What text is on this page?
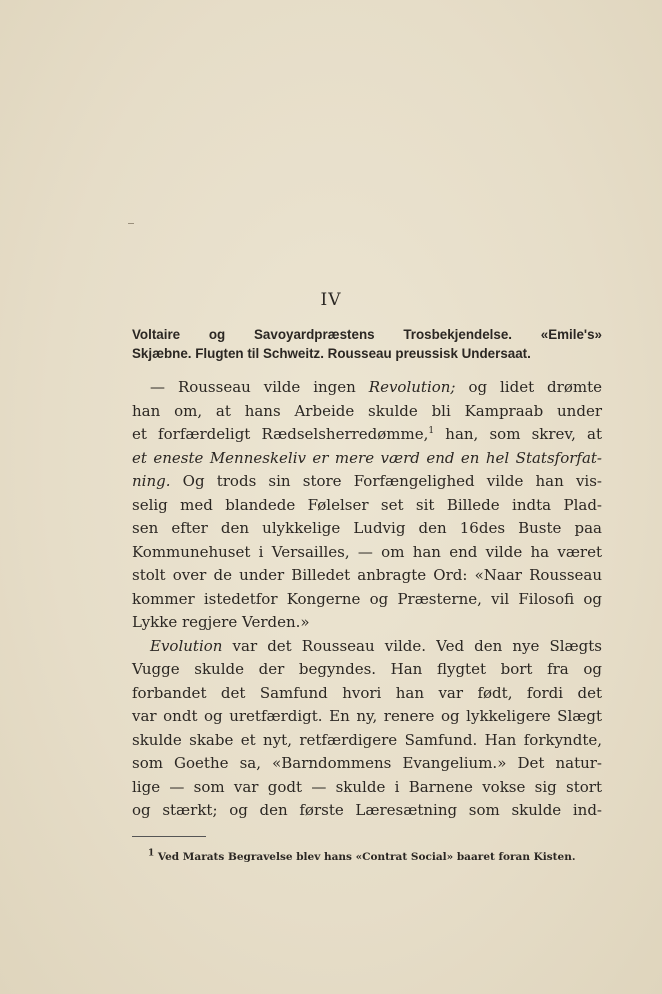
IV
Voltaire og Savoyardpræstens Trosbekjendelse. «Emile's»
Skjæbne. Flugten til Schweitz. Rousseau preussisk Undersaat.
— Rousseau vilde ingen Revolution; og lidet drømte
han om, at hans Arbeide skulde bli Kampraab under
et forfærdeligt Rædselsherredømme,$^1$ han, som skrev, at
et eneste Menneskeliv er mere værd end en hel Statsforfat-
ning. Og trods sin store Forfængelighed vilde han vis-
selig med blandede Følelser set sit Billede indta Plad-
sen efter den ulykkelige Ludvig den 16des Buste paa
Kommunehuset i Versailles, — om han end vilde ha været
stolt over de under Billedet anbragte Ord: «Naar Rousseau
kommer istedetfor Kongerne og Præsterne, vil Filosofi og
Lykke regjere Verden.»
Evolution var det Rousseau vilde. Ved den nye Slægts
Vugge skulde der begyndes. Han flygtet bort fra og
forbandet det Samfund hvori han var født, fordi det
var ondt og uretfærdigt. En ny, renere og lykkeligere Slægt
skulde skabe et nyt, retfærdigere Samfund. Han forkyndte,
som Goethe sa, «Barndommens Evangelium.» Det natur-
lige — som var godt — skulde i Barnene vokse sig stort
og stærkt; og den første Læresætning som skulde ind-
$^1$ Ved Marats Begravelse blev hans «Contrat Social» baaret foran Kisten.
